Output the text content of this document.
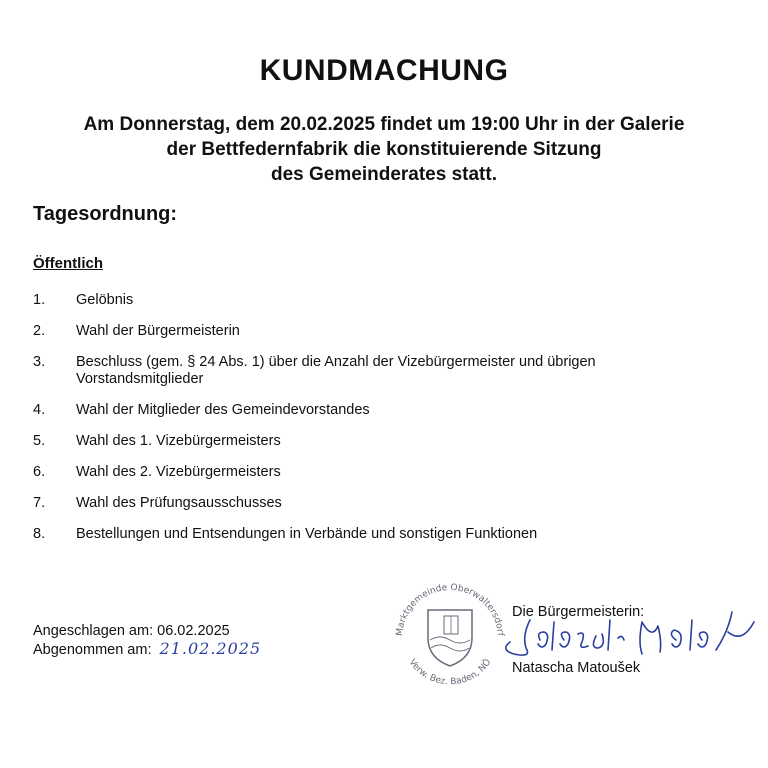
KUNDMACHUNG
Am Donnerstag, dem 20.02.2025 findet um 19:00 Uhr in der Galerie
der Bettfedernfabrik die konstituierende Sitzung
des Gemeinderates statt.
Tagesordnung:
Öffentlich
1.	Gelöbnis
2.	Wahl der Bürgermeisterin
3.	Beschluss (gem. § 24 Abs. 1) über die Anzahl der Vizebürgermeister und übrigen Vorstandsmitglieder
4.	Wahl der Mitglieder des Gemeindevorstandes
5.	Wahl des 1. Vizebürgermeisters
6.	Wahl des 2. Vizebürgermeisters
7.	Wahl des Prüfungsausschusses
8.	Bestellungen und Entsendungen in Verbände und sonstigen Funktionen
Angeschlagen am: 06.02.2025
Abgenommen am: 21.02.2025
Marktgemeinde Oberwaltersdorf
Verw. Bez. Baden, NÖ
Die Bürgermeisterin:
Natascha Matoušek
